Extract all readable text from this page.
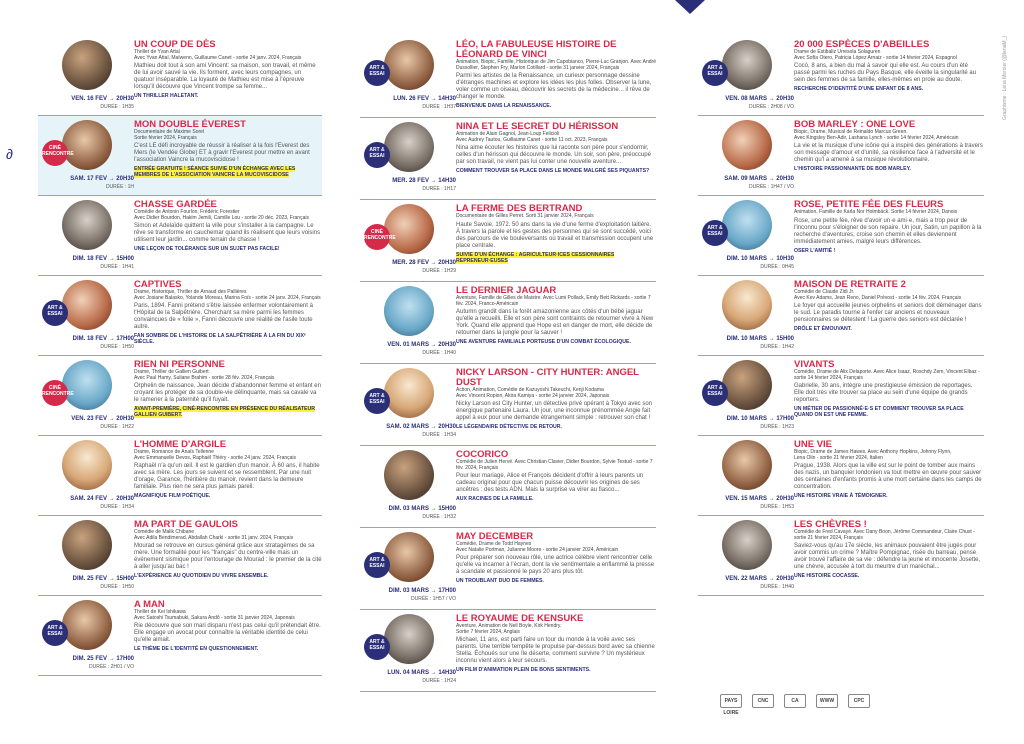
∂
VEN. 16 FEV → 20H30
DURÉE : 1H35
UN COUP DE DÈS
Thriller de Yvan Attal
Avec Yvan Attal, Maïwenn, Guillaume Canet - sortie 24 janv. 2024, Français
Mathieu doit tout à son ami Vincent: sa maison, son travail, et même de lui avoir sauvé la vie. Ils forment, avec leurs compagnes, un quatuor inséparable. La loyauté de Mathieu est mise à l'épreuve lorsqu'il découvre que Vincent trompe sa femme...
UN THRILLER HALETANT.
CINÉ RENCONTRE
SAM. 17 FEV → 20H30
DURÉE : 1H
MON DOUBLE ÉVEREST
Documentaire de Maxime Sorel
Sortie février 2024, Français
C'est LE défi incroyable de réussir à réaliser à la fois l'Everest des Mers (le Vendée Globe) ET à gravir l'Everest pour mettre en avant l'association Vaincre la mucoviscidose !
ENTRÉE GRATUITE ! SÉANCE SUIVIE D'UN ÉCHANGE AVEC LES MEMBRES DE L'ASSOCIATION VAINCRE LA MUCOVISCIDOSE
DIM. 18 FEV → 15H00
DURÉE : 1H41
CHASSE GARDÉE
Comédie de Antonin Fourlon, Frédéric Forestier
Avec Didier Bourdon, Hakim Jemili, Camille Lou - sortie 20 déc. 2023, Français
Simon et Adelaïde quittent la ville pour s'installer à la campagne. Le rêve se transforme en cauchemar quand ils réalisent que leurs voisins utilisent leur jardin... comme terrain de chasse !
UNE LEÇON DE TOLÉRANCE SUR UN SUJET PAS FACILE!
ART & ESSAI
DIM. 18 FEV → 17H00
DURÉE : 1H50
CAPTIVES
Drame, Historique, Thriller de Arnaud des Pallières
Avec Josiane Balasko, Yolande Moreau, Marina Foïs - sortie 24 janv. 2024, Français
Paris, 1894. Fanni prétend s'être laissée enfermer volontairement à l'Hôpital de la Salpêtrière. Cherchant sa mère parmi les femmes convaincues de « folie », Fanni découvre une réalité de l'asile toute autre.
FAN SOMBRE DE L'HISTOIRE DE LA SALPÊTRIÈRE À LA FIN DU XIXᵉ SIÈCLE.
CINÉ RENCONTRE
VEN. 23 FEV → 20H30
DURÉE : 1H22
RIEN NI PERSONNE
Drame, Thriller de Gallien Guibert
Avec Paul Hamy, Suliane Brahim - sortie 28 fév. 2024, Français
Orphelin de naissance, Jean décide d'abandonner femme et enfant en croyant les protéger de sa double-vie délinquante, mais sa cavale va le ramener à la paternité qu'il fuyait.
AVANT-PREMIÈRE, CINÉ-RENCONTRE EN PRÉSENCE DU RÉALISATEUR GALLIEN GUIBERT.
SAM. 24 FEV → 20H30
DURÉE : 1H34
L'HOMME D'ARGILE
Drame, Romance de Anaïs Tellenne
Avec Emmanuelle Devos, Raphaël Thiéry - sortie 24 janv. 2024, Français
Raphaël n'a qu'un œil. Il est le gardien d'un manoir. À 60 ans, il habite avec sa mère. Les jours se suivent et se ressemblent. Par une nuit d'orage, Garance, l'héritière du manoir, revient dans la demeure familiale. Plus rien ne sera plus jamais pareil.
MAGNIFIQUE FILM POÉTIQUE.
DIM. 25 FEV → 15H00
DURÉE : 1H50
MA PART DE GAULOIS
Comédie de Malik Chibane
Avec Adila Bendimerad, Abdallah Charki - sortie 31 janv. 2024, Français
Mourad se retrouve en cursus général grâce aux stratagèmes de sa mère. Une formalité pour les "français" du centre-ville mais un événement sismique pour l'entourage de Mourad : le premier de la cité à aller jusqu'au bac !
L'EXPÉRIENCE AU QUOTIDIEN DU VIVRE ENSEMBLE.
ART & ESSAI
DIM. 25 FEV → 17H00
DURÉE : 2H01 / VO
A MAN
Thriller de Kei Ishikawa
Avec Satoshi Tsumabuki, Sakura Andô - sortie 31 janvier 2024, Japonais
Rie découvre que son mari disparu n'est pas celui qu'il prétendait être. Elle engage un avocat pour connaître la véritable identité de celui qu'elle aimait.
LE THÈME DE L'IDENTITÉ EN QUESTIONNEMENT.
ART & ESSAI
LUN. 26 FEV → 14H30
DURÉE : 1H37
LÉO, LA FABULEUSE HISTOIRE DE LÉONARD DE VINCI
Animation, Biopic, Famille, Historique de Jim Capobianco, Pierre-Luc Granjon. Avec André Dussollier, Stephen Fry, Marion Cotillard - sortie 31 janvier 2024, Français
Parmi les artistes de la Renaissance, un curieux personnage dessine d'étranges machines et explore les idées les plus folles. Observer la lune, voler comme un oiseau, découvrir les secrets de la médecine... il rêve de changer le monde.
BIENVENUE DANS LA RENAISSANCE.
ART & ESSAI
MER. 28 FEV → 14H30
DURÉE : 1H17
NINA ET LE SECRET DU HÉRISSON
Animation de Alain Gagnol, Jean-Loup Felicioli
Avec Audrey Tautou, Guillaume Canet - sortie 11 oct. 2023, Français
Nina aime écouter les histoires que lui raconte son père pour s'endormir, celles d'un hérisson qui découvre le monde. Un soir, son père, préoccupé par son travail, ne vient pas lui conter une nouvelle aventure...
COMMENT TROUVER SA PLACE DANS LE MONDE MALGRÉ SES PIQUANTS?
CINÉ RENCONTRE
MER. 28 FEV → 20H30
DURÉE : 1H29
LA FERME DES BERTRAND
Documentaire de Gilles Perret. Sorti 31 janvier 2024, Français
Haute Savoie, 1972. 50 ans dans la vie d'une ferme d'exploitation laitière. À travers la parole et les gestes des personnes qui se sont succédé, voici des parcours de vie bouleversants où travail et transmission occupent une place centrale.
SUIVIE D'UN ÉCHANGE : AGRICULTEUR·ICES CESSIONNAIRES REPRENEUR·EUSES
VEN. 01 MARS → 20H30
DURÉE : 1H40
LE DERNIER JAGUAR
Aventure, Famille de Gilles de Maistre. Avec Lumi Pollack, Emily Bett Rickards - sortie 7 fév. 2024, Franco-Américain
Autumn grandit dans la forêt amazonienne aux côtés d'un bébé jaguar qu'elle a recueilli. Elle et son père sont contraints de retourner vivre à New York. Quand elle apprend que Hope est en danger de mort, elle décide de retourner dans la jungle pour la sauver !
UNE AVENTURE FAMILIALE PORTEUSE D'UN COMBAT ÉCOLOGIQUE.
ART & ESSAI
SAM. 02 MARS → 20H30
DURÉE : 1H34
NICKY LARSON - CITY HUNTER: ANGEL DUST
Action, Animation, Comédie de Kazuyoshi Takeuchi, Kenji Kodama
Avec Vincent Ropion, Akira Kamiya - sortie 24 janvier 2024, Japonais
Nicky Larson est City Hunter, un détective privé opérant à Tokyo avec son énergique partenaire Laura. Un jour, une inconnue prénommée Angie fait appel à eux pour une demande étrangement simple : retrouver son chat !
LE LÉGENDAIRE DÉTECTIVE DE RETOUR.
DIM. 03 MARS → 15H00
DURÉE : 1H32
COCORICO
Comédie de Julien Hervé. Avec Christian Clavier, Didier Bourdon, Sylvie Testud - sortie 7 fév. 2024, Français
Pour leur mariage, Alice et François décident d'offrir à leurs parents un cadeau original pour que chacun puisse découvrir les origines de ses ancêtres : des tests ADN. Mais la surprise va virer au fiasco...
AUX RACINES DE LA FAMILLE.
ART & ESSAI
DIM. 03 MARS → 17H00
DURÉE : 1H57 / VO
MAY DECEMBER
Comédie, Drame de Todd Haynes
Avec Natalie Portman, Julianne Moore - sortie 24 janvier 2024, Américain
Pour préparer son nouveau rôle, une actrice célèbre vient rencontrer celle qu'elle va incarner à l'écran, dont la vie sentimentale a enflammé la presse à scandale et passionné le pays 20 ans plus tôt.
UN TROUBLANT DUO DE FEMMES.
ART & ESSAI
LUN. 04 MARS → 14H30
DURÉE : 1H24
LE ROYAUME DE KENSUKE
Aventure, Animation de Neil Boyle, Kirk Hendry.
Sortie 7 février 2024, Anglais
Michael, 11 ans, est parti faire un tour du monde à la voile avec ses parents. Une terrible tempête le propulse par-dessus bord avec sa chienne Stella. Échoués sur une île déserte, comment survivre ? Un mystérieux inconnu vient alors à leur secours.
UN FILM D'ANIMATION PLEIN DE BONS SENTIMENTS.
ART & ESSAI
VEN. 08 MARS → 20H30
DURÉE : 2H08 / VO
20 000 ESPÈCES D'ABEILLES
Drame de Estibaliz Urresola Solaguren
Avec Sofía Otero, Patricia López Arnaiz - sortie 14 février 2024, Espagnol
Cocó, 8 ans, a bien du mal à savoir qui elle est. Au cours d'un été passé parmi les ruches du Pays Basque, elle éveille la singularité au sein des femmes de sa famille, elles-mêmes en proie au doute.
RECHERCHE D'IDENTITÉ D'UNE ENFANT DE 8 ANS.
SAM. 09 MARS → 20H30
DURÉE : 1H47 / VO
BOB MARLEY : ONE LOVE
Biopic, Drame, Musical de Reinaldo Marcus Green.
Avec Kingsley Ben-Adir, Lashana Lynch - sortie 14 février 2024, Américain
La vie et la musique d'une icône qui a inspiré des générations à travers son message d'amour et d'unité, sa résilience face à l'adversité et le chemin qu'l a amené à sa musique révolutionnaire.
L'HISTOIRE PASSIONNANTE DE BOB MARLEY.
ART & ESSAI
DIM. 10 MARS → 10H30
DURÉE : 0H45
ROSE, PETITE FÉE DES FLEURS
Animation, Famille de Karla Nor Holmbäck. Sortie 14 février 2024, Danois
Rose, une petite fée, rêve d'avoir un·e ami·e, mais a trop peur de l'inconnu pour s'éloigner de son repaire. Un jour, Satin, un papillon à la recherche d'aventures, croise son chemin et elles deviennent immédiatement amies, malgré leurs différences.
OSER L'AMITIÉ !
DIM. 10 MARS → 15H00
DURÉE : 1H42
MAISON DE RETRAITE 2
Comédie de Claude Zidi Jr.
Avec Kev Adams, Jean Reno, Daniel Prévost - sortie 14 fév. 2024, Français
Le foyer qui accueille jeunes orphelins et seniors doit déménager dans le sud. Le paradis tourne à l'enfer car anciens et nouveaux pensionnaires se détestent ! La guerre des seniors est déclarée !
DRÔLE ET ÉMOUVANT.
ART & ESSAI
DIM. 10 MARS → 17H00
DURÉE : 1H23
VIVANTS
Comédie, Drame de Alix Delaporte. Avec Alice Isaaz, Roschdy Zem, Vincent Elbaz - sortie 14 février 2024, Français
Gabrielle, 30 ans, intègre une prestigieuse émission de reportages. Elle doit très vite trouver sa place au sein d'une équipe de grands reporters.
UN MÉTIER DE PASSIONNÉ·E·S ET COMMENT TROUVER SA PLACE QUAND ON EST UNE FEMME.
VEN. 15 MARS → 20H30
DURÉE : 1H53
UNE VIE
Biopic, Drame de James Hawes. Avec Anthony Hopkins, Johnny Flynn,
Lena Olin - sortie 21 février 2024, Italien
Prague, 1938. Alors que la ville est sur le point de tomber aux mains des nazis, un banquier londonien va tout mettre en œuvre pour sauver des centaines d'enfants promis à une mort certaine dans les camps de concentration.
UNE HISTOIRE VRAIE À TÉMOIGNER.
VEN. 22 MARS → 20H30
DURÉE : 1H40
LES CHÈVRES !
Comédie de Fred Cavayé. Avec Dany Boon, Jérôme Commandeur, Claire Chust - sortie 21 février 2024, Français
Saviez-vous qu'au 17e siècle, les animaux pouvaient être jugés pour avoir commis un crime ? Maître Pompignac, risée du barreau, pense avoir trouvé l'affaire de sa vie : défendre la jeune et innocente Josette, une chèvre, accusée à tort du meurtre d'un maréchal...
UNE HISTOIRE COCASSE.
Graphisme : Léna Mercier (@lenaM_)
PAYS LOIRE
CNC	CA	WWW	CPC
